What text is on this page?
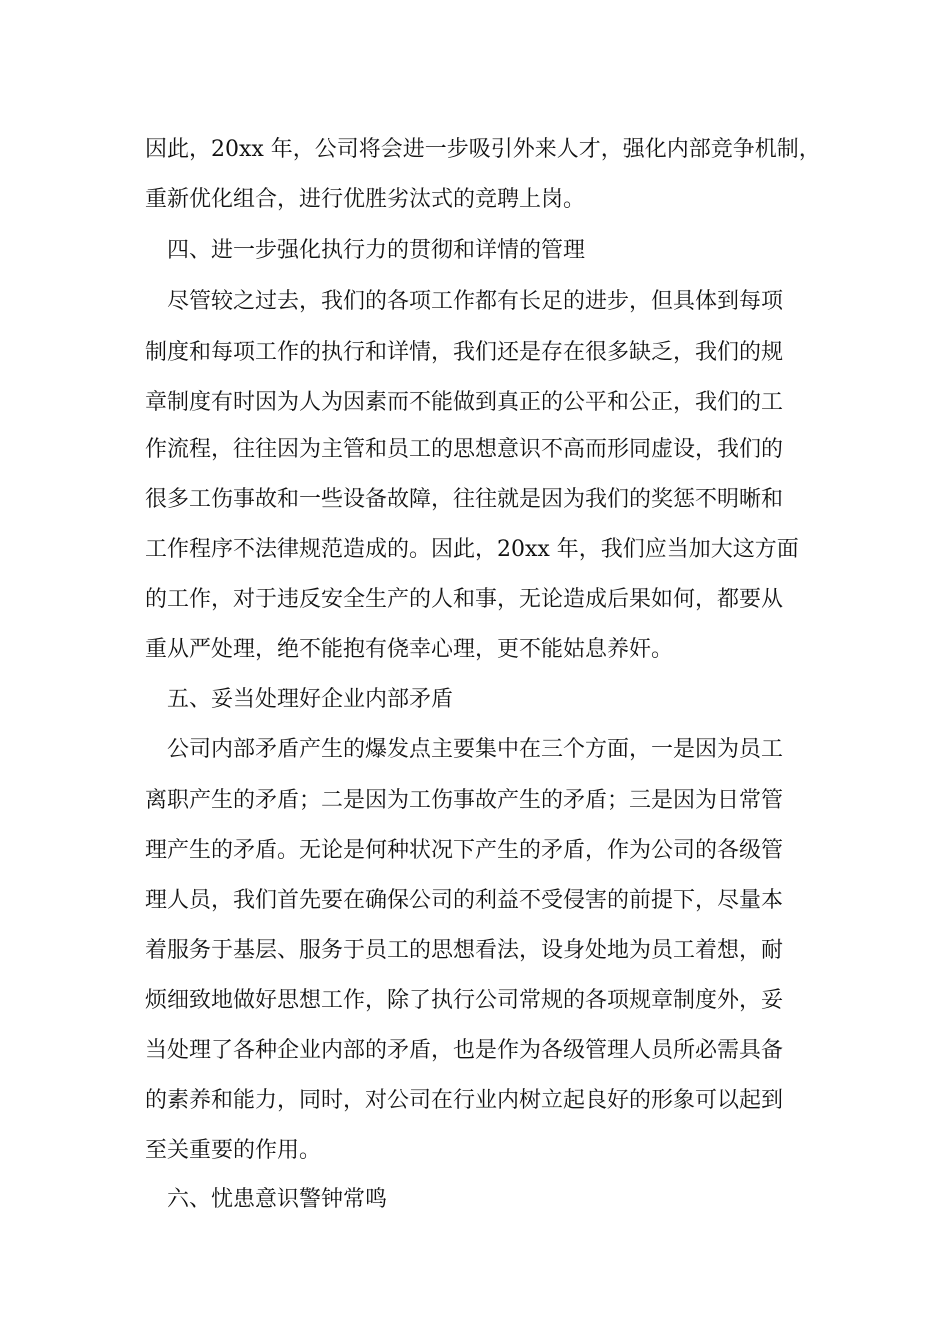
因此，20xx 年，公司将会进一步吸引外来人才，强化内部竞争机制，
重新优化组合，进行优胜劣汰式的竞聘上岗。
四、进一步强化执行力的贯彻和详情的管理
尽管较之过去，我们的各项工作都有长足的进步，但具体到每项
制度和每项工作的执行和详情，我们还是存在很多缺乏，我们的规
章制度有时因为人为因素而不能做到真正的公平和公正，我们的工
作流程，往往因为主管和员工的思想意识不高而形同虚设，我们的
很多工伤事故和一些设备故障，往往就是因为我们的奖惩不明晰和
工作程序不法律规范造成的。因此，20xx 年，我们应当加大这方面
的工作，对于违反安全生产的人和事，无论造成后果如何，都要从
重从严处理，绝不能抱有侥幸心理，更不能姑息养奸。
五、妥当处理好企业内部矛盾
公司内部矛盾产生的爆发点主要集中在三个方面，一是因为员工
离职产生的矛盾；二是因为工伤事故产生的矛盾；三是因为日常管
理产生的矛盾。无论是何种状况下产生的矛盾，作为公司的各级管
理人员，我们首先要在确保公司的利益不受侵害的前提下，尽量本
着服务于基层、服务于员工的思想看法，设身处地为员工着想，耐
烦细致地做好思想工作，除了执行公司常规的各项规章制度外，妥
当处理了各种企业内部的矛盾，也是作为各级管理人员所必需具备
的素养和能力，同时，对公司在行业内树立起良好的形象可以起到
至关重要的作用。
六、忧患意识警钟常鸣
